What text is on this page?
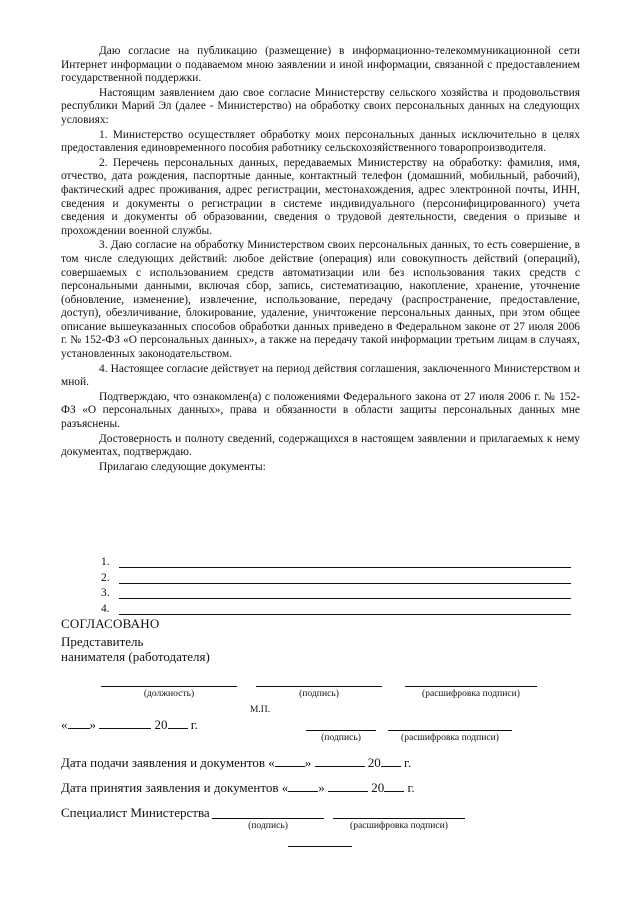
Даю согласие на публикацию (размещение) в информационно-телекоммуникационной сети Интернет информации о подаваемом мною заявлении и иной информации, связанной с предоставлением государственной поддержки.

Настоящим заявлением даю свое согласие Министерству сельского хозяйства и продовольствия республики Марий Эл (далее - Министерство) на обработку своих персональных данных на следующих условиях:

1. Министерство осуществляет обработку моих персональных данных исключительно в целях предоставления единовременного пособия работнику сельскохозяйственного товаропроизводителя.

2. Перечень персональных данных, передаваемых Министерству на обработку: фамилия, имя, отчество, дата рождения, паспортные данные, контактный телефон (домашний, мобильный, рабочий), фактический адрес проживания, адрес регистрации, местонахождения, адрес электронной почты, ИНН, сведения и документы о регистрации в системе индивидуального (персонифицированного) учета сведения и документы об образовании, сведения о трудовой деятельности, сведения о призыве и прохождении военной службы.

3. Даю согласие на обработку Министерством своих персональных данных, то есть совершение, в том числе следующих действий: любое действие (операция) или совокупность действий (операций), совершаемых с использованием средств автоматизации или без использования таких средств с персональными данными, включая сбор, запись, систематизацию, накопление, хранение, уточнение (обновление, изменение), извлечение, использование, передачу (распространение, предоставление, доступ), обезличивание, блокирование, удаление, уничтожение персональных данных, при этом общее описание вышеуказанных способов обработки данных приведено в Федеральном законе от 27 июля 2006 г. № 152-ФЗ «О персональных данных», а также на передачу такой информации третьим лицам в случаях, установленных законодательством.

4. Настоящее согласие действует на период действия соглашения, заключенного Министерством и мной.

Подтверждаю, что ознакомлен(а) с положениями Федерального закона от 27 июля 2006 г. № 152-ФЗ «О персональных данных», права и обязанности в области защиты персональных данных мне разъяснены.

Достоверность и полноту сведений, содержащихся в настоящем заявлении и прилагаемых к нему документах, подтверждаю.

Прилагаю следующие документы:

1.
2.
3.
4.
СОГЛАСОВАНО
Представитель
нанимателя (работодателя)
(должность)	(подпись)	(расшифровка подписи)
М.П.
« »	20 г.
(подпись)	(расшифровка подписи)
Дата подачи заявления и документов « »	20 г.
Дата принятия заявления и документов « »	20 г.
Специалист Министерства
(подпись)	(расшифровка подписи)
